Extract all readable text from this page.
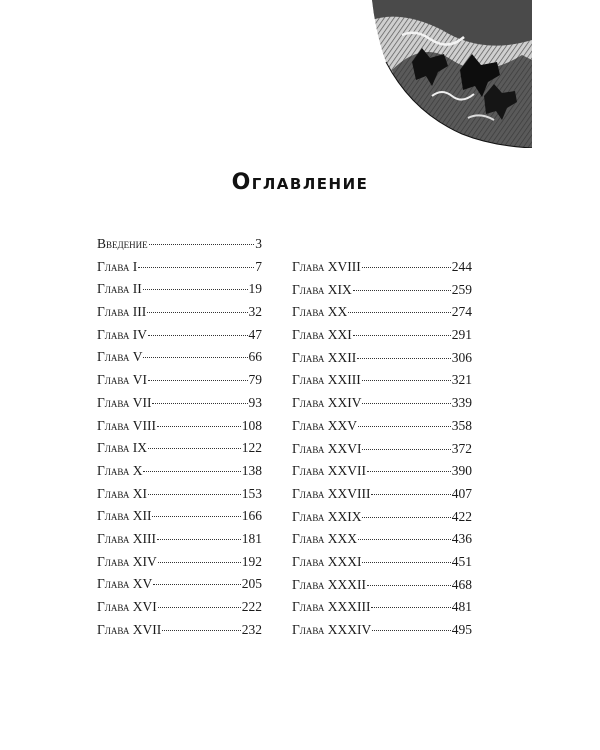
Оглавление
Введение	3
Глава I	7
Глава II	19
Глава III	32
Глава IV	47
Глава V	66
Глава VI	79
Глава VII	93
Глава VIII	108
Глава IX	122
Глава X	138
Глава XI	153
Глава XII	166
Глава XIII	181
Глава XIV	192
Глава XV	205
Глава XVI	222
Глава XVII	232
Глава XVIII	244
Глава XIX	259
Глава XX	274
Глава XXI	291
Глава XXII	306
Глава XXIII	321
Глава XXIV	339
Глава XXV	358
Глава XXVI	372
Глава XXVII	390
Глава XXVIII	407
Глава XXIX	422
Глава XXX	436
Глава XXXI	451
Глава XXXII	468
Глава XXXIII	481
Глава XXXIV	495
